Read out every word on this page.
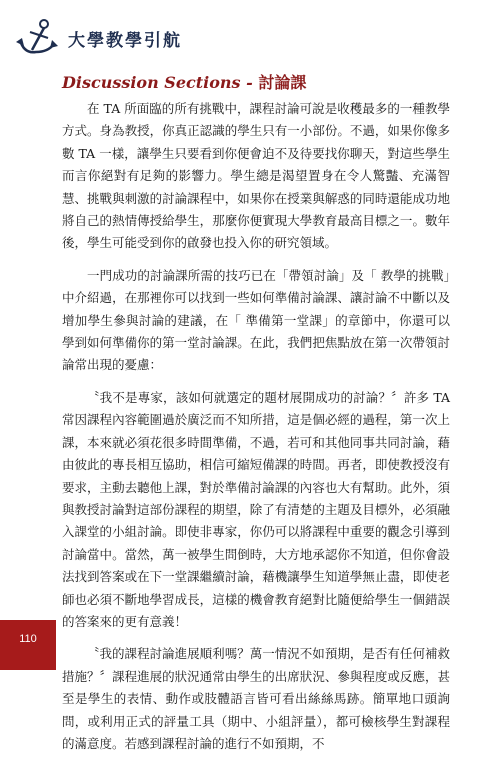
大學教學引航
Discussion Sections - 討論課

在 TA 所面臨的所有挑戰中，課程討論可說是收穫最多的一種教學方式。身為教授，你真正認識的學生只有一小部份。不過，如果你像多數 TA 一樣，讓學生只要看到你便會迫不及待要找你聊天，對這些學生而言你絕對有足夠的影響力。學生總是渴望置身在令人驚豔、充滿智慧、挑戰與刺激的討論課程中，如果你在授業與解惑的同時還能成功地將自己的熱情傳授給學生，那麼你便實現大學教育最高目標之一。數年後，學生可能受到你的啟發也投入你的研究領域。

一門成功的討論課所需的技巧已在「帶領討論」及「 教學的挑戰」中介紹過，在那裡你可以找到一些如何準備討論課、讓討論不中斷以及增加學生參與討論的建議，在「 準備第一堂課」的章節中，你還可以學到如何準備你的第一堂討論課。在此，我們把焦點放在第一次帶領討論常出現的憂慮：

〝我不是專家，該如何就選定的題材展開成功的討論？〞許多 TA 常因課程內容範圍過於廣泛而不知所措，這是個必經的過程，第一次上課，本來就必須花很多時間準備，不過，若可和其他同事共同討論，藉由彼此的專長相互協助，相信可縮短備課的時間。再者，即使教授沒有要求，主動去聽他上課，對於準備討論課的內容也大有幫助。此外，須與教授討論對這部份課程的期望，除了有清楚的主題及目標外，必須融入課堂的小組討論。即使非專家，你仍可以將課程中重要的觀念引導到討論當中。當然，萬一被學生問倒時，大方地承認你不知道，但你會設法找到答案或在下一堂課繼續討論，藉機讓學生知道學無止盡，即使老師也必須不斷地學習成長，這樣的機會教育絕對比隨便給學生一個錯誤的答案來的更有意義！

〝我的課程討論進展順利嗎？萬一情況不如預期，是否有任何補救措施？〞課程進展的狀況通常由學生的出席狀況、參與程度或反應，甚至是學生的表情、動作或肢體語言皆可看出絲絲馬跡。簡單地口頭詢問，或利用正式的評量工具（期中、小組評量），都可檢核學生對課程的滿意度。若感到課程討論的進行不如預期，不

110
